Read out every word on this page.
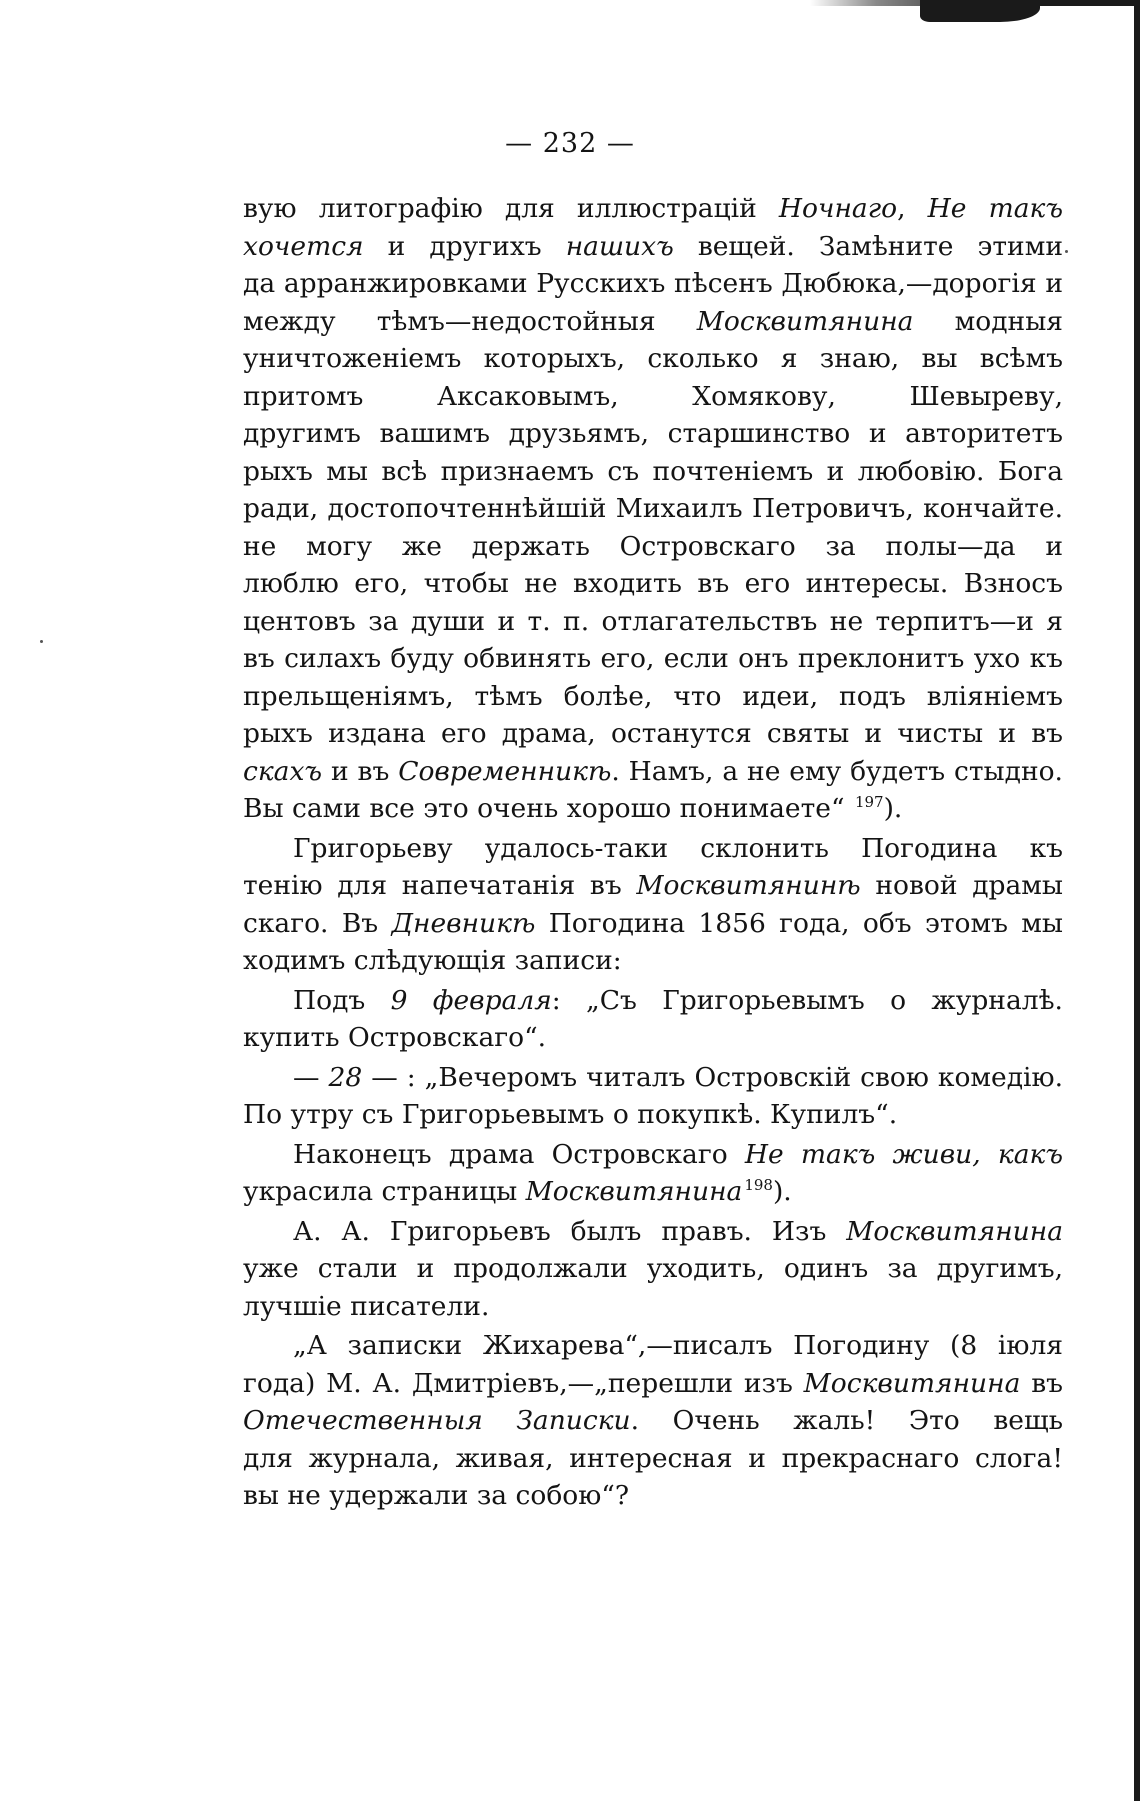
— 232 —
вую литографію для иллюстрацій Ночнаго, Не такъ
хочется и другихъ нашихъ вещей. Замѣните этими
да арранжировками Русскихъ пѣсенъ Дюбюка,—дорогія и
между тѣмъ—недостойныя Москвитянина модныя
уничтоженіемъ которыхъ, сколько я знаю, вы всѣмъ
притомъ Аксаковымъ, Хомякову, Шевыреву,
другимъ вашимъ друзьямъ, старшинство и авторитетъ
рыхъ мы всѣ признаемъ съ почтеніемъ и любовію. Бога
ради, достопочтеннѣйшій Михаилъ Петровичъ, кончайте.
не могу же держать Островскаго за полы—да и
люблю его, чтобы не входить въ его интересы. Взносъ
центовъ за души и т. п. отлагательствъ не терпитъ—и я
въ силахъ буду обвинять его, если онъ преклонитъ ухо къ
прельщеніямъ, тѣмъ болѣе, что идеи, подъ вліяніемъ
рыхъ издана его драма, останутся святы и чисты и въ
скахъ и въ Современникѣ. Намъ, а не ему будетъ стыдно.
Вы сами все это очень хорошо понимаете“ $^{197}$).
Григорьеву удалось-таки склонить Погодина къ
тенію для напечатанія въ Москвитянинѣ новой драмы
скаго. Въ Дневникѣ Погодина 1856 года, объ этомъ мы
ходимъ слѣдующія записи:
Подъ 9 февраля: „Съ Григорьевымъ о журналѣ.
купить Островскаго“.
— 28 — : „Вечеромъ читалъ Островскій свою комедію.
По утру съ Григорьевымъ о покупкѣ. Купилъ“.
Наконецъ драма Островскаго Не такъ живи, какъ
украсила страницы Москвитянина $^{198}$).
А. А. Григорьевъ былъ правъ. Изъ Москвитянина
уже стали и продолжали уходить, одинъ за другимъ,
лучшіе писатели.
„А записки Жихарева“,—писалъ Погодину (8 іюля
года) М. А. Дмитріевъ,—„перешли изъ Москвитянина въ
Отечественныя Записки. Очень жаль! Это вещь
для журнала, живая, интересная и прекраснаго слога!
вы не удержали за собою“?
